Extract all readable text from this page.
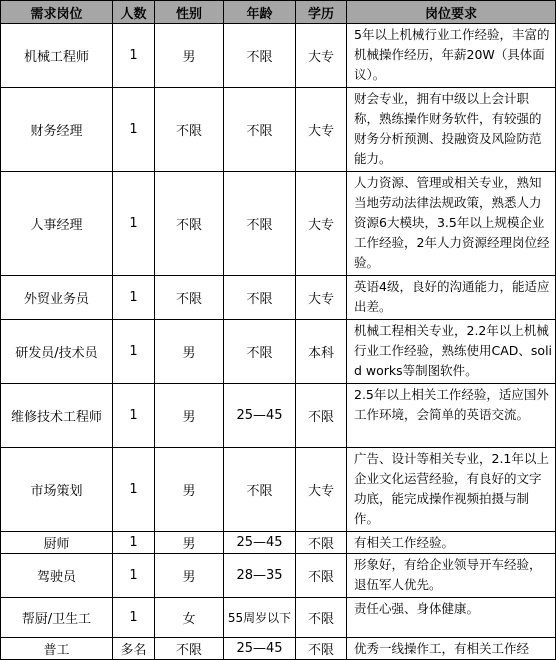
需求岗位	人数	性别	年龄	学历	岗位要求
机械工程师	1	男	不限	大专	5年以上机械行业工作经验，丰富的机械操作经历，年薪20W（具体面议）。
财务经理	1	不限	不限	大专	财会专业，拥有中级以上会计职称，熟练操作财务软件，有较强的财务分析预测、投融资及风险防范能力。
人事经理	1	不限	不限	大专	人力资源、管理或相关专业，熟知当地劳动法律法规政策，熟悉人力资源6大模块，3.5年以上规模企业工作经验，2年人力资源经理岗位经验。
外贸业务员	1	不限	不限	大专	英语4级，良好的沟通能力，能适应出差。
研发员/技术员	1	男	不限	本科	机械工程相关专业，2.2年以上机械行业工作经验，熟练使用CAD、solid works等制图软件。
维修技术工程师	1	男	25—45	不限	2.5年以上相关工作经验，适应国外工作环境，会简单的英语交流。
市场策划	1	男	不限	大专	广告、设计等相关专业，2.1年以上企业文化运营经验，有良好的文字功底，能完成操作视频拍摄与制作。
厨师	1	男	25—45	不限	有相关工作经验。
驾驶员	1	男	28—35	不限	形象好，有给企业领导开车经验，退伍军人优先。
帮厨/卫生工	1	女	55周岁以下	不限	责任心强、身体健康。
普工	多名	不限	25—45	不限	优秀一线操作工，有相关工作经
